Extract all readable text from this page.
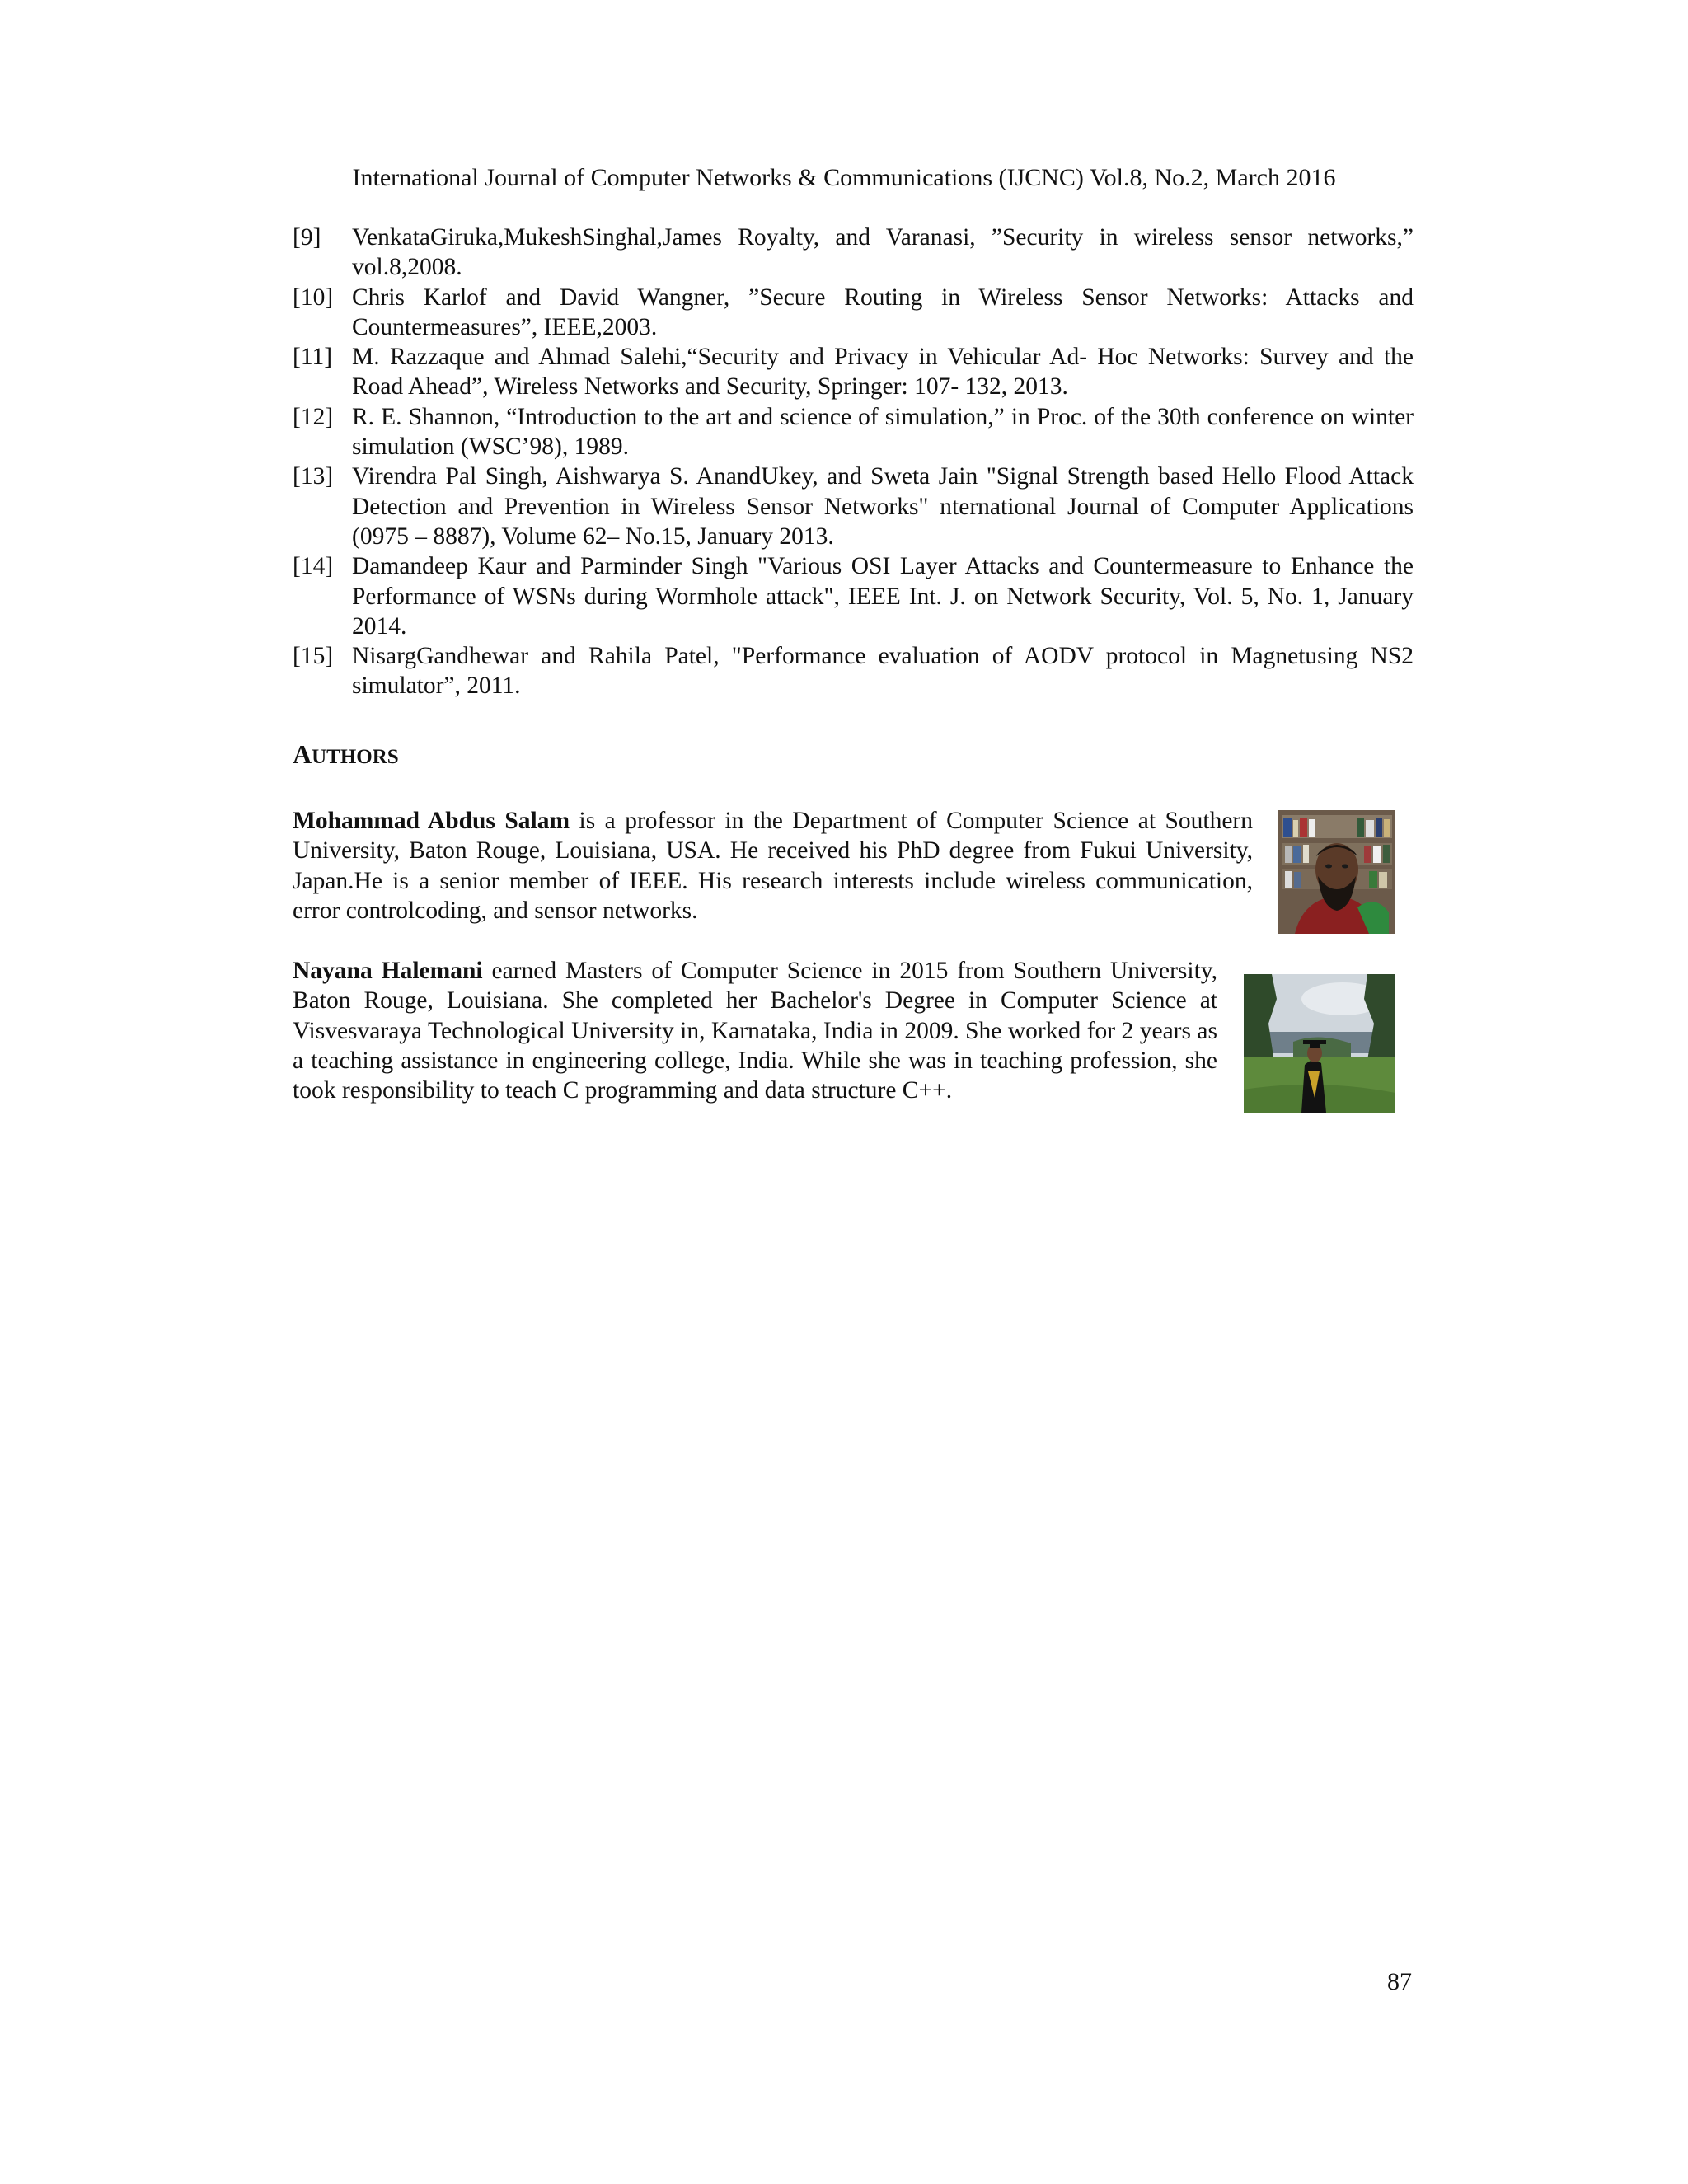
International Journal of Computer Networks & Communications (IJCNC) Vol.8, No.2, March 2016
[9]	VenkataGiruka,MukeshSinghal,James Royalty, and Varanasi, ”Security in wireless sensor networks,” vol.8,2008.
[10] Chris Karlof and David Wangner, ”Secure Routing in Wireless Sensor Networks: Attacks and Countermeasures”, IEEE,2003.
[11] M. Razzaque and Ahmad Salehi,“Security and Privacy in Vehicular Ad- Hoc Networks: Survey and the Road Ahead”, Wireless Networks and Security, Springer: 107- 132, 2013.
[12] R. E. Shannon, “Introduction to the art and science of simulation,” in Proc. of the 30th conference on winter simulation (WSC’98), 1989.
[13] Virendra Pal Singh, Aishwarya S. AnandUkey, and Sweta Jain "Signal Strength based Hello Flood Attack Detection and Prevention in Wireless Sensor Networks" nternational Journal of Computer Applications (0975 – 8887), Volume 62– No.15, January 2013.
[14] Damandeep Kaur and Parminder Singh "Various OSI Layer Attacks and Countermeasure to Enhance the Performance of WSNs during Wormhole attack", IEEE Int. J. on Network Security, Vol. 5, No. 1, January 2014.
[15] NisargGandhewar and Rahila Patel, "Performance evaluation of AODV protocol in Magnetusing NS2 simulator”, 2011.
AUTHORS
Mohammad Abdus Salam is a professor in the Department of Computer Science at Southern University, Baton Rouge, Louisiana, USA. He received his PhD degree from Fukui University, Japan.He is a senior member of IEEE. His research interests include wireless communication, error controlcoding, and sensor networks.
Nayana Halemani earned Masters of Computer Science in 2015 from Southern University, Baton Rouge, Louisiana. She completed her Bachelor's Degree in Computer Science at Visvesvaraya Technological University in, Karnataka, India in 2009. She worked for 2 years as a teaching assistance in engineering college, India. While she was in teaching profession, she took responsibility to teach C programming and data structure C++.
87
